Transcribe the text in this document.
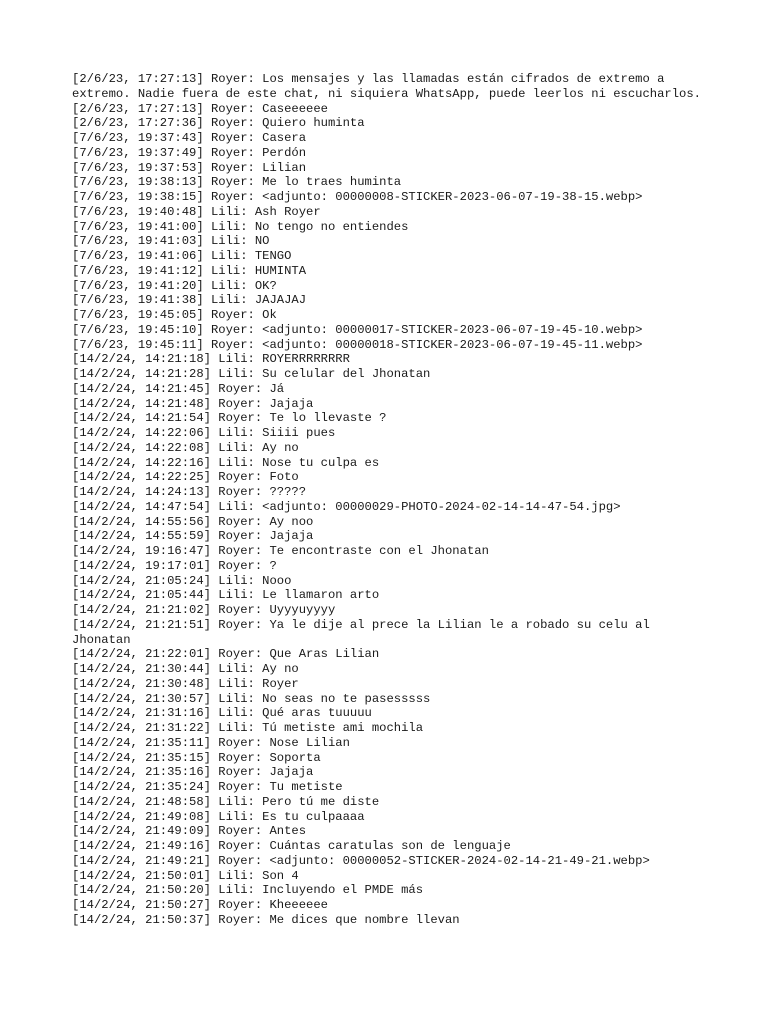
[2/6/23, 17:27:13] Royer: Los mensajes y las llamadas están cifrados de extremo a extremo. Nadie fuera de este chat, ni siquiera WhatsApp, puede leerlos ni escucharlos.
[2/6/23, 17:27:13] Royer: Caseeeeee
[2/6/23, 17:27:36] Royer: Quiero huminta
[7/6/23, 19:37:43] Royer: Casera
[7/6/23, 19:37:49] Royer: Perdón
[7/6/23, 19:37:53] Royer: Lilian
[7/6/23, 19:38:13] Royer: Me lo traes huminta
[7/6/23, 19:38:15] Royer: <adjunto: 00000008-STICKER-2023-06-07-19-38-15.webp>
[7/6/23, 19:40:48] Lili: Ash Royer
[7/6/23, 19:41:00] Lili: No tengo no entiendes
[7/6/23, 19:41:03] Lili: NO
[7/6/23, 19:41:06] Lili: TENGO
[7/6/23, 19:41:12] Lili: HUMINTA
[7/6/23, 19:41:20] Lili: OK?
[7/6/23, 19:41:38] Lili: JAJAJAJ
[7/6/23, 19:45:05] Royer: Ok
[7/6/23, 19:45:10] Royer: <adjunto: 00000017-STICKER-2023-06-07-19-45-10.webp>
[7/6/23, 19:45:11] Royer: <adjunto: 00000018-STICKER-2023-06-07-19-45-11.webp>
[14/2/24, 14:21:18] Lili: ROYERRRRRRRR
[14/2/24, 14:21:28] Lili: Su celular del Jhonatan
[14/2/24, 14:21:45] Royer: Já
[14/2/24, 14:21:48] Royer: Jajaja
[14/2/24, 14:21:54] Royer: Te lo llevaste ?
[14/2/24, 14:22:06] Lili: Siiii pues
[14/2/24, 14:22:08] Lili: Ay no
[14/2/24, 14:22:16] Lili: Nose tu culpa es
[14/2/24, 14:22:25] Royer: Foto
[14/2/24, 14:24:13] Royer: ?????
[14/2/24, 14:47:54] Lili: <adjunto: 00000029-PHOTO-2024-02-14-14-47-54.jpg>
[14/2/24, 14:55:56] Royer: Ay noo
[14/2/24, 14:55:59] Royer: Jajaja
[14/2/24, 19:16:47] Royer: Te encontraste con el Jhonatan
[14/2/24, 19:17:01] Royer: ?
[14/2/24, 21:05:24] Lili: Nooo
[14/2/24, 21:05:44] Lili: Le llamaron arto
[14/2/24, 21:21:02] Royer: Uyyyuyyyy
[14/2/24, 21:21:51] Royer: Ya le dije al prece la Lilian le a robado su celu al Jhonatan
[14/2/24, 21:22:01] Royer: Que Aras Lilian
[14/2/24, 21:30:44] Lili: Ay no
[14/2/24, 21:30:48] Lili: Royer
[14/2/24, 21:30:57] Lili: No seas no te pasesssss
[14/2/24, 21:31:16] Lili: Qué aras tuuuuu
[14/2/24, 21:31:22] Lili: Tú metiste ami mochila
[14/2/24, 21:35:11] Royer: Nose Lilian
[14/2/24, 21:35:15] Royer: Soporta
[14/2/24, 21:35:16] Royer: Jajaja
[14/2/24, 21:35:24] Royer: Tu metiste
[14/2/24, 21:48:58] Lili: Pero tú me diste
[14/2/24, 21:49:08] Lili: Es tu culpaaaa
[14/2/24, 21:49:09] Royer: Antes
[14/2/24, 21:49:16] Royer: Cuántas caratulas son de lenguaje
[14/2/24, 21:49:21] Royer: <adjunto: 00000052-STICKER-2024-02-14-21-49-21.webp>
[14/2/24, 21:50:01] Lili: Son 4
[14/2/24, 21:50:20] Lili: Incluyendo el PMDE más
[14/2/24, 21:50:27] Royer: Kheeeeee
[14/2/24, 21:50:37] Royer: Me dices que nombre llevan
